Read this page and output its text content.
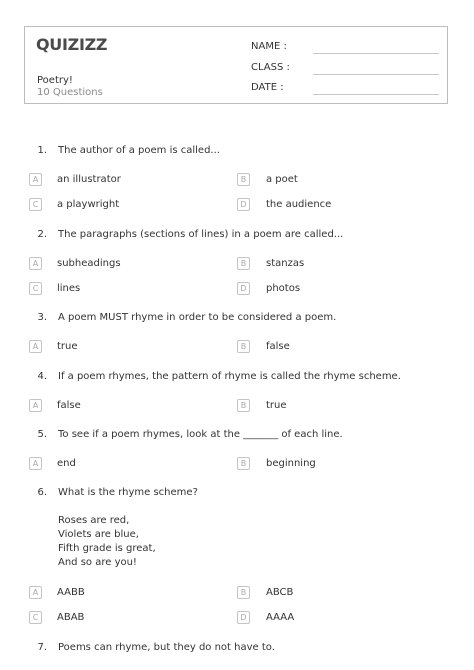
QUIZIZZ
Poetry!
10 Questions
NAME :
CLASS :
DATE :
1. The author of a poem is called...
A	an illustrator	B	a poet
C	a playwright	D	the audience
2. The paragraphs (sections of lines) in a poem are called...
A	subheadings	B	stanzas
C	lines	D	photos
3. A poem MUST rhyme in order to be considered a poem.
A	true	B	false
4. If a poem rhymes, the pattern of rhyme is called the rhyme scheme.
A	false	B	true
5. To see if a poem rhymes, look at the _______ of each line.
A	end	B	beginning
6. What is the rhyme scheme?
Roses are red,
Violets are blue,
Fifth grade is great,
And so are you!
A	AABB	B	ABCB
C	ABAB	D	AAAA
7. Poems can rhyme, but they do not have to.
